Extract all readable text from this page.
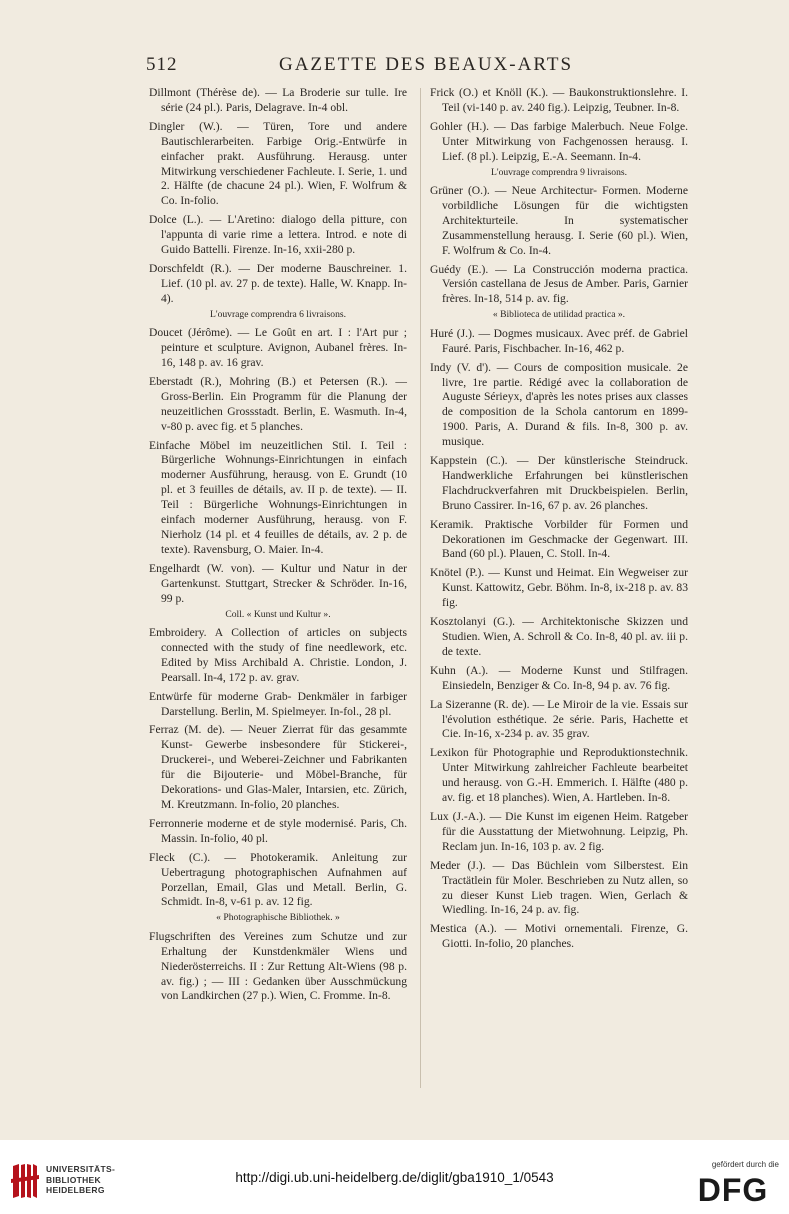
512	GAZETTE DES BEAUX-ARTS

Dillmont (Thérèse de). — La Broderie sur tulle. Ire série (24 pl.). Paris, Delagrave. In-4 obl.

Dingler (W.). — Türen, Tore und andere Bautischlerarbeiten. Farbige Orig.-Entwürfe in einfacher prakt. Ausführung. Herausg. unter Mitwirkung verschiedener Fachleute. I. Serie, 1. und 2. Hälfte (de chacune 24 pl.). Wien, F. Wolfrum & Co. In-folio.

Dolce (L.). — L'Aretino: dialogo della pitture, con l'appunta di varie rime a lettera. Introd. e note di Guido Battelli. Firenze. In-16, xxii-280 p.

Dorschfeldt (R.). — Der moderne Bauschreiner. 1. Lief. (10 pl. av. 27 p. de texte). Halle, W. Knapp. In-4).

L'ouvrage comprendra 6 livraisons.

Doucet (Jérôme). — Le Goût en art. I : l'Art pur ; peinture et sculpture. Avignon, Aubanel frères. In-16, 148 p. av. 16 grav.

Eberstadt (R.), Mohring (B.) et Petersen (R.). — Gross-Berlin. Ein Programm für die Planung der neuzeitlichen Grossstadt. Berlin, E. Wasmuth. In-4, v-80 p. avec fig. et 5 planches.

Einfache Möbel im neuzeitlichen Stil. I. Teil : Bürgerliche Wohnungs-Einrichtungen in einfach moderner Ausführung, herausg. von E. Grundt (10 pl. et 3 feuilles de détails, av. II p. de texte). — II. Teil : Bürgerliche Wohnungs-Einrichtungen in einfach moderner Ausführung, herausg. von F. Nierholz (14 pl. et 4 feuilles de détails, av. 2 p. de texte). Ravensburg, O. Maier. In-4.

Engelhardt (W. von). — Kultur und Natur in der Gartenkunst. Stuttgart, Strecker & Schröder. In-16, 99 p.

Coll. « Kunst und Kultur ».

Embroidery. A Collection of articles on subjects connected with the study of fine needlework, etc. Edited by Miss Archibald A. Christie. London, J. Pearsall. In-4, 172 p. av. grav.

Entwürfe für moderne Grab- Denkmäler in farbiger Darstellung. Berlin, M. Spielmeyer. In-fol., 28 pl.

Ferraz (M. de). — Neuer Zierrat für das gesammte Kunst- Gewerbe insbesondere für Stickerei-, Druckerei-, und Weberei-Zeichner und Fabrikanten für die Bijouterie- und Möbel-Branche, für Dekorations- und Glas-Maler, Intarsien, etc. Zürich, M. Kreutzmann. In-folio, 20 planches.

Ferronnerie moderne et de style modernisé. Paris, Ch. Massin. In-folio, 40 pl.

Fleck (C.). — Photokeramik. Anleitung zur Uebertragung photographischen Aufnahmen auf Porzellan, Email, Glas und Metall. Berlin, G. Schmidt. In-8, v-61 p. av. 12 fig.

« Photographische Bibliothek. »

Flugschriften des Vereines zum Schutze und zur Erhaltung der Kunstdenkmäler Wiens und Niederösterreichs. II : Zur Rettung Alt-Wiens (98 p. av. fig.) ; — III : Gedanken über Ausschmückung von Landkirchen (27 p.). Wien, C. Fromme. In-8.

Frick (O.) et Knöll (K.). — Baukonstruktionslehre. I. Teil (vi-140 p. av. 240 fig.). Leipzig, Teubner. In-8.

Gohler (H.). — Das farbige Malerbuch. Neue Folge. Unter Mitwirkung von Fachgenossen herausg. I. Lief. (8 pl.). Leipzig, E.-A. Seemann. In-4.

L'ouvrage comprendra 9 livraisons.

Grüner (O.). — Neue Architectur- Formen. Moderne vorbildliche Lösungen für die wichtigsten Architekturteile. In systematischer Zusammenstellung herausg. I. Serie (60 pl.). Wien, F. Wolfrum & Co. In-4.

Guédy (E.). — La Construcción moderna practica. Versión castellana de Jesus de Amber. Paris, Garnier frères. In-18, 514 p. av. fig.

« Biblioteca de utilidad practica ».

Huré (J.). — Dogmes musicaux. Avec préf. de Gabriel Fauré. Paris, Fischbacher. In-16, 462 p.

Indy (V. d'). — Cours de composition musicale. 2e livre, 1re partie. Rédigé avec la collaboration de Auguste Sérieyx, d'après les notes prises aux classes de composition de la Schola cantorum en 1899-1900. Paris, A. Durand & fils. In-8, 300 p. av. musique.

Kappstein (C.). — Der künstlerische Steindruck. Handwerkliche Erfahrungen bei künstlerischen Flachdruckverfahren mit Druckbeispielen. Berlin, Bruno Cassirer. In-16, 67 p. av. 26 planches.

Keramik. Praktische Vorbilder für Formen und Dekorationen im Geschmacke der Gegenwart. III. Band (60 pl.). Plauen, C. Stoll. In-4.

Knötel (P.). — Kunst und Heimat. Ein Wegweiser zur Kunst. Kattowitz, Gebr. Böhm. In-8, ix-218 p. av. 83 fig.

Kosztolanyi (G.). — Architektonische Skizzen und Studien. Wien, A. Schroll & Co. In-8, 40 pl. av. iii p. de texte.

Kuhn (A.). — Moderne Kunst und Stilfragen. Einsiedeln, Benziger & Co. In-8, 94 p. av. 76 fig.

La Sizeranne (R. de). — Le Miroir de la vie. Essais sur l'évolution esthétique. 2e série. Paris, Hachette et Cie. In-16, x-234 p. av. 35 grav.

Lexikon für Photographie und Reproduktionstechnik. Unter Mitwirkung zahlreicher Fachleute bearbeitet und herausg. von G.-H. Emmerich. I. Hälfte (480 p. av. fig. et 18 planches). Wien, A. Hartleben. In-8.

Lux (J.-A.). — Die Kunst im eigenen Heim. Ratgeber für die Ausstattung der Mietwohnung. Leipzig, Ph. Reclam jun. In-16, 103 p. av. 2 fig.

Meder (J.). — Das Büchlein vom Silberstest. Ein Tractätlein für Moler. Beschrieben zu Nutz allen, so zu dieser Kunst Lieb tragen. Wien, Gerlach & Wiedling. In-16, 24 p. av. fig.

Mestica (A.). — Motivi ornementali. Firenze, G. Giotti. In-folio, 20 planches.

UNIVERSITÄTS-
BIBLIOTHEK
HEIDELBERG
http://digi.ub.uni-heidelberg.de/diglit/gba1910_1/0543
gefördert durch die
DFG
